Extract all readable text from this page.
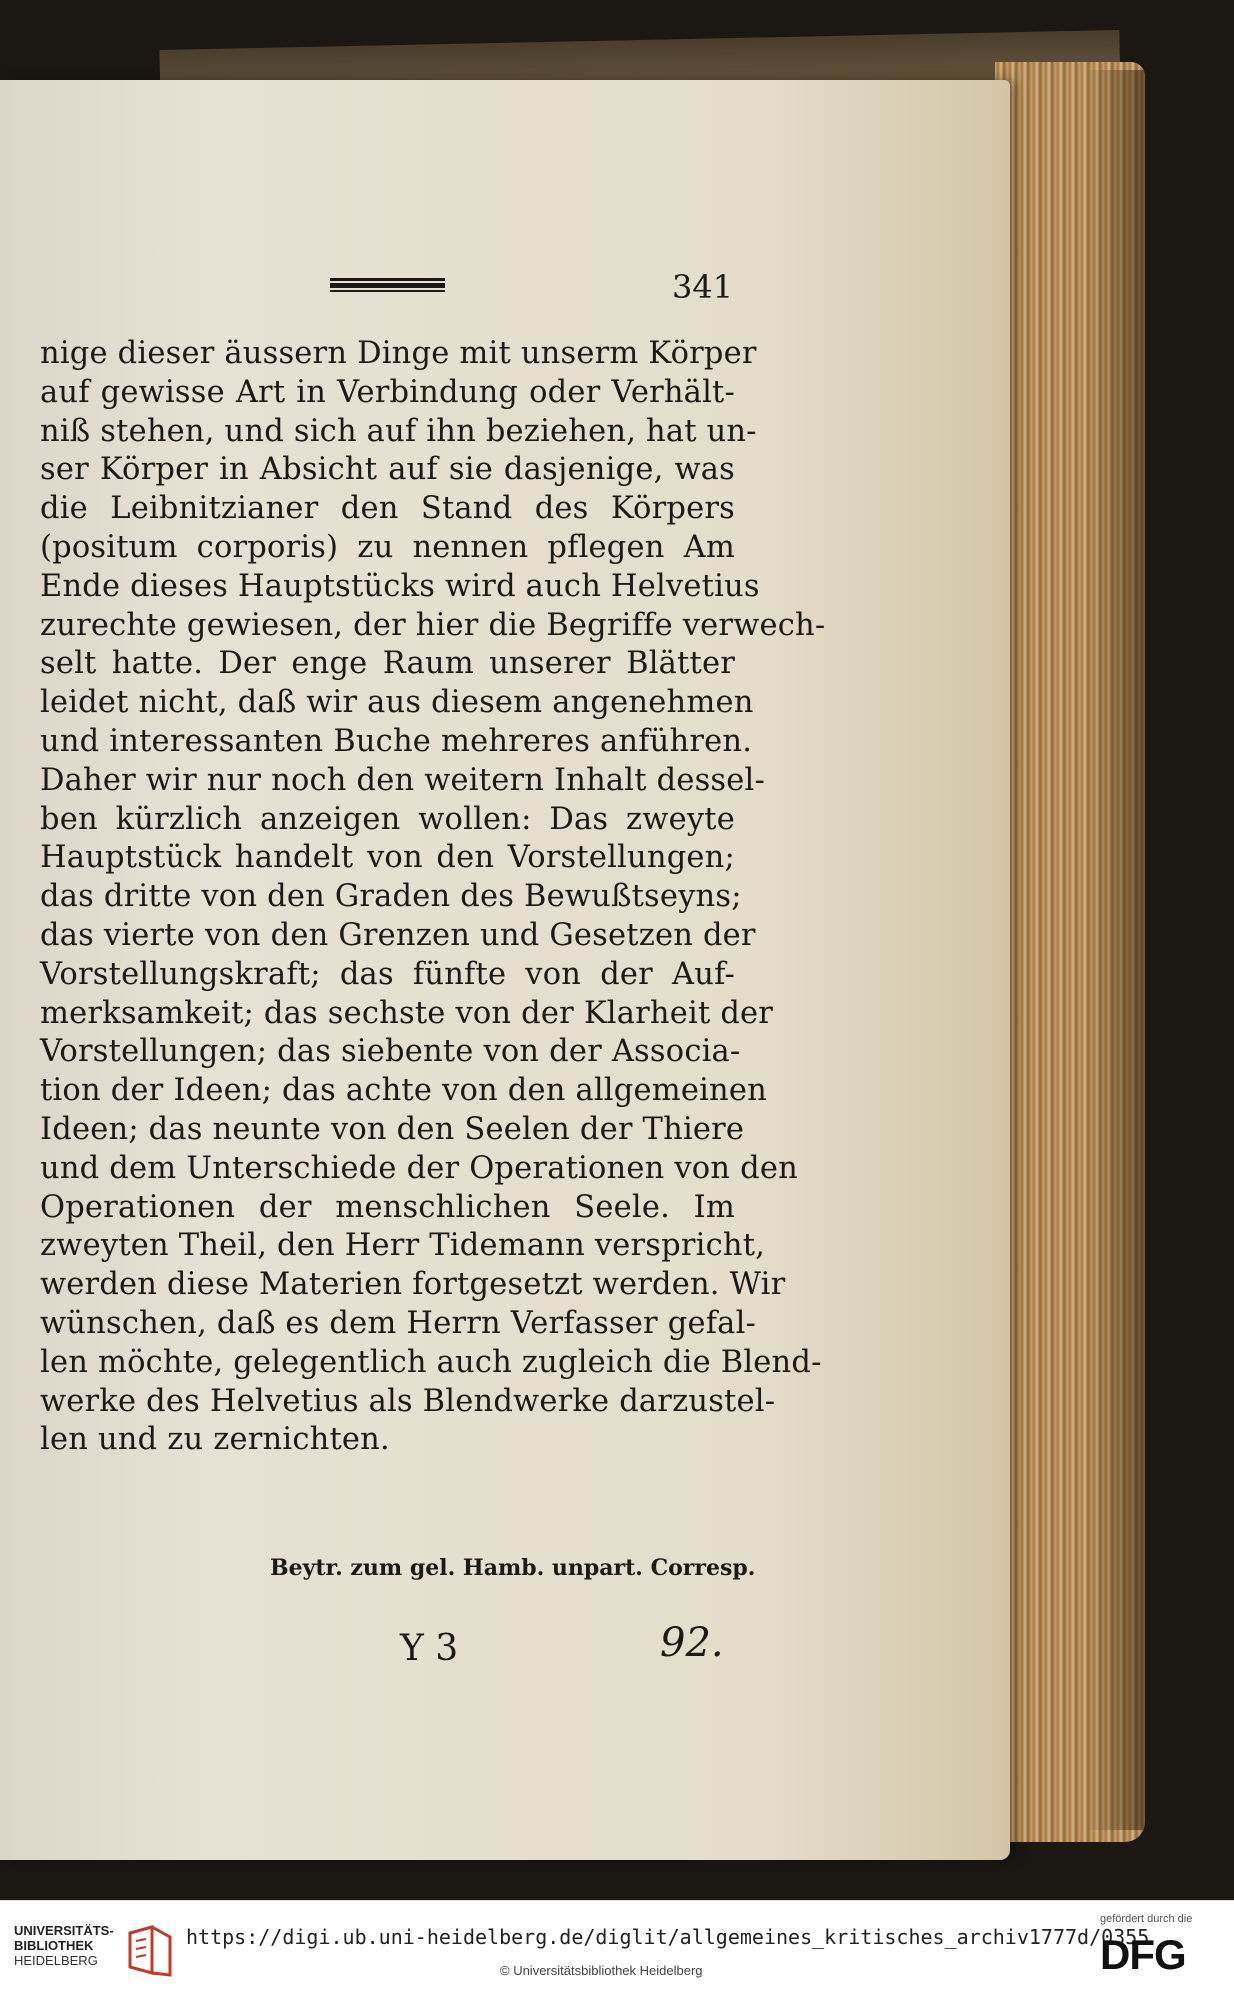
341
nige dieser äussern Dinge mit unserm Körper
auf gewisse Art in Verbindung oder Verhält-
niß stehen, und sich auf ihn beziehen, hat un-
ser Körper in Absicht auf sie dasjenige, was
die Leibnitzianer den Stand des Körpers
(positum corporis) zu nennen pflegen Am
Ende dieses Hauptstücks wird auch Helvetius
zurechte gewiesen, der hier die Begriffe verwech-
selt hatte. Der enge Raum unserer Blätter
leidet nicht, daß wir aus diesem angenehmen
und interessanten Buche mehreres anführen.
Daher wir nur noch den weitern Inhalt dessel-
ben kürzlich anzeigen wollen: Das zweyte
Hauptstück handelt von den Vorstellungen;
das dritte von den Graden des Bewußtseyns;
das vierte von den Grenzen und Gesetzen der
Vorstellungskraft; das fünfte von der Auf-
merksamkeit; das sechste von der Klarheit der
Vorstellungen; das siebente von der Associa-
tion der Ideen; das achte von den allgemeinen
Ideen; das neunte von den Seelen der Thiere
und dem Unterschiede der Operationen von den
Operationen der menschlichen Seele. Im
zweyten Theil, den Herr Tidemann verspricht,
werden diese Materien fortgesetzt werden. Wir
wünschen, daß es dem Herrn Verfasser gefal-
len möchte, gelegentlich auch zugleich die Blend-
werke des Helvetius als Blendwerke darzustel-
len und zu zernichten.
Beytr. zum gel. Hamb. unpart. Corresp.
Y 3	92.
UNIVERSITÄTS-
BIBLIOTHEK
HEIDELBERG
https://digi.ub.uni-heidelberg.de/diglit/allgemeines_kritisches_archiv1777d/0355
© Universitätsbibliothek Heidelberg
gefördert durch die
DFG
